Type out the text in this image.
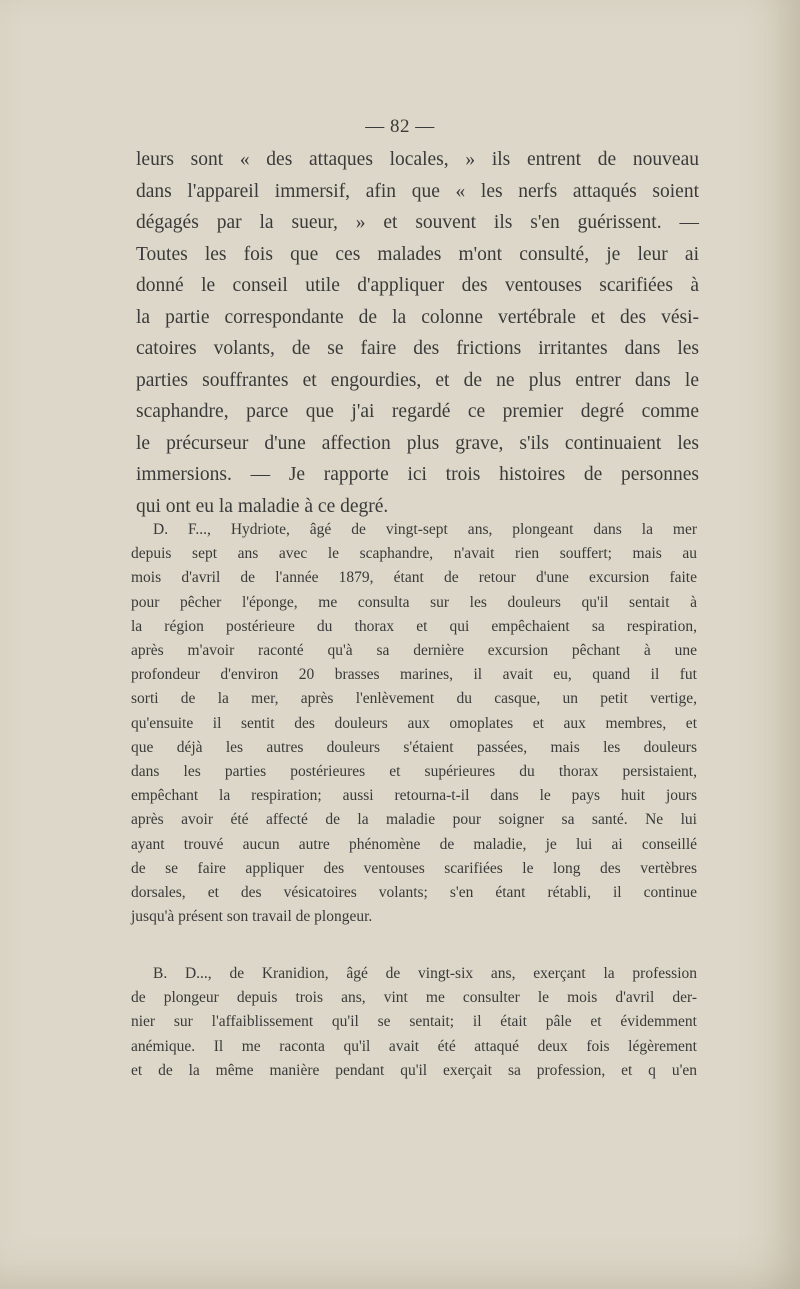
— 82 —
leurs sont « des attaques locales, » ils entrent de nouveau
dans l'appareil immersif, afin que « les nerfs attaqués soient
dégagés par la sueur, » et souvent ils s'en guérissent. —
Toutes les fois que ces malades m'ont consulté, je leur ai
donné le conseil utile d'appliquer des ventouses scarifiées à
la partie correspondante de la colonne vertébrale et des vési-
catoires volants, de se faire des frictions irritantes dans les
parties souffrantes et engourdies, et de ne plus entrer dans le
scaphandre, parce que j'ai regardé ce premier degré comme
le précurseur d'une affection plus grave, s'ils continuaient les
immersions. — Je rapporte ici trois histoires de personnes
qui ont eu la maladie à ce degré.
D. F..., Hydriote, âgé de vingt-sept ans, plongeant dans la mer
depuis sept ans avec le scaphandre, n'avait rien souffert; mais au
mois d'avril de l'année 1879, étant de retour d'une excursion faite
pour pêcher l'éponge, me consulta sur les douleurs qu'il sentait à
la région postérieure du thorax et qui empêchaient sa respiration,
après m'avoir raconté qu'à sa dernière excursion pêchant à une
profondeur d'environ 20 brasses marines, il avait eu, quand il fut
sorti de la mer, après l'enlèvement du casque, un petit vertige,
qu'ensuite il sentit des douleurs aux omoplates et aux membres, et
que déjà les autres douleurs s'étaient passées, mais les douleurs
dans les parties postérieures et supérieures du thorax persistaient,
empêchant la respiration; aussi retourna-t-il dans le pays huit jours
après avoir été affecté de la maladie pour soigner sa santé. Ne lui
ayant trouvé aucun autre phénomène de maladie, je lui ai conseillé
de se faire appliquer des ventouses scarifiées le long des vertèbres
dorsales, et des vésicatoires volants; s'en étant rétabli, il continue
jusqu'à présent son travail de plongeur.
B. D..., de Kranidion, âgé de vingt-six ans, exerçant la profession
de plongeur depuis trois ans, vint me consulter le mois d'avril der-
nier sur l'affaiblissement qu'il se sentait; il était pâle et évidemment
anémique. Il me raconta qu'il avait été attaqué deux fois légèrement
et de la même manière pendant qu'il exerçait sa profession, et q u'en
